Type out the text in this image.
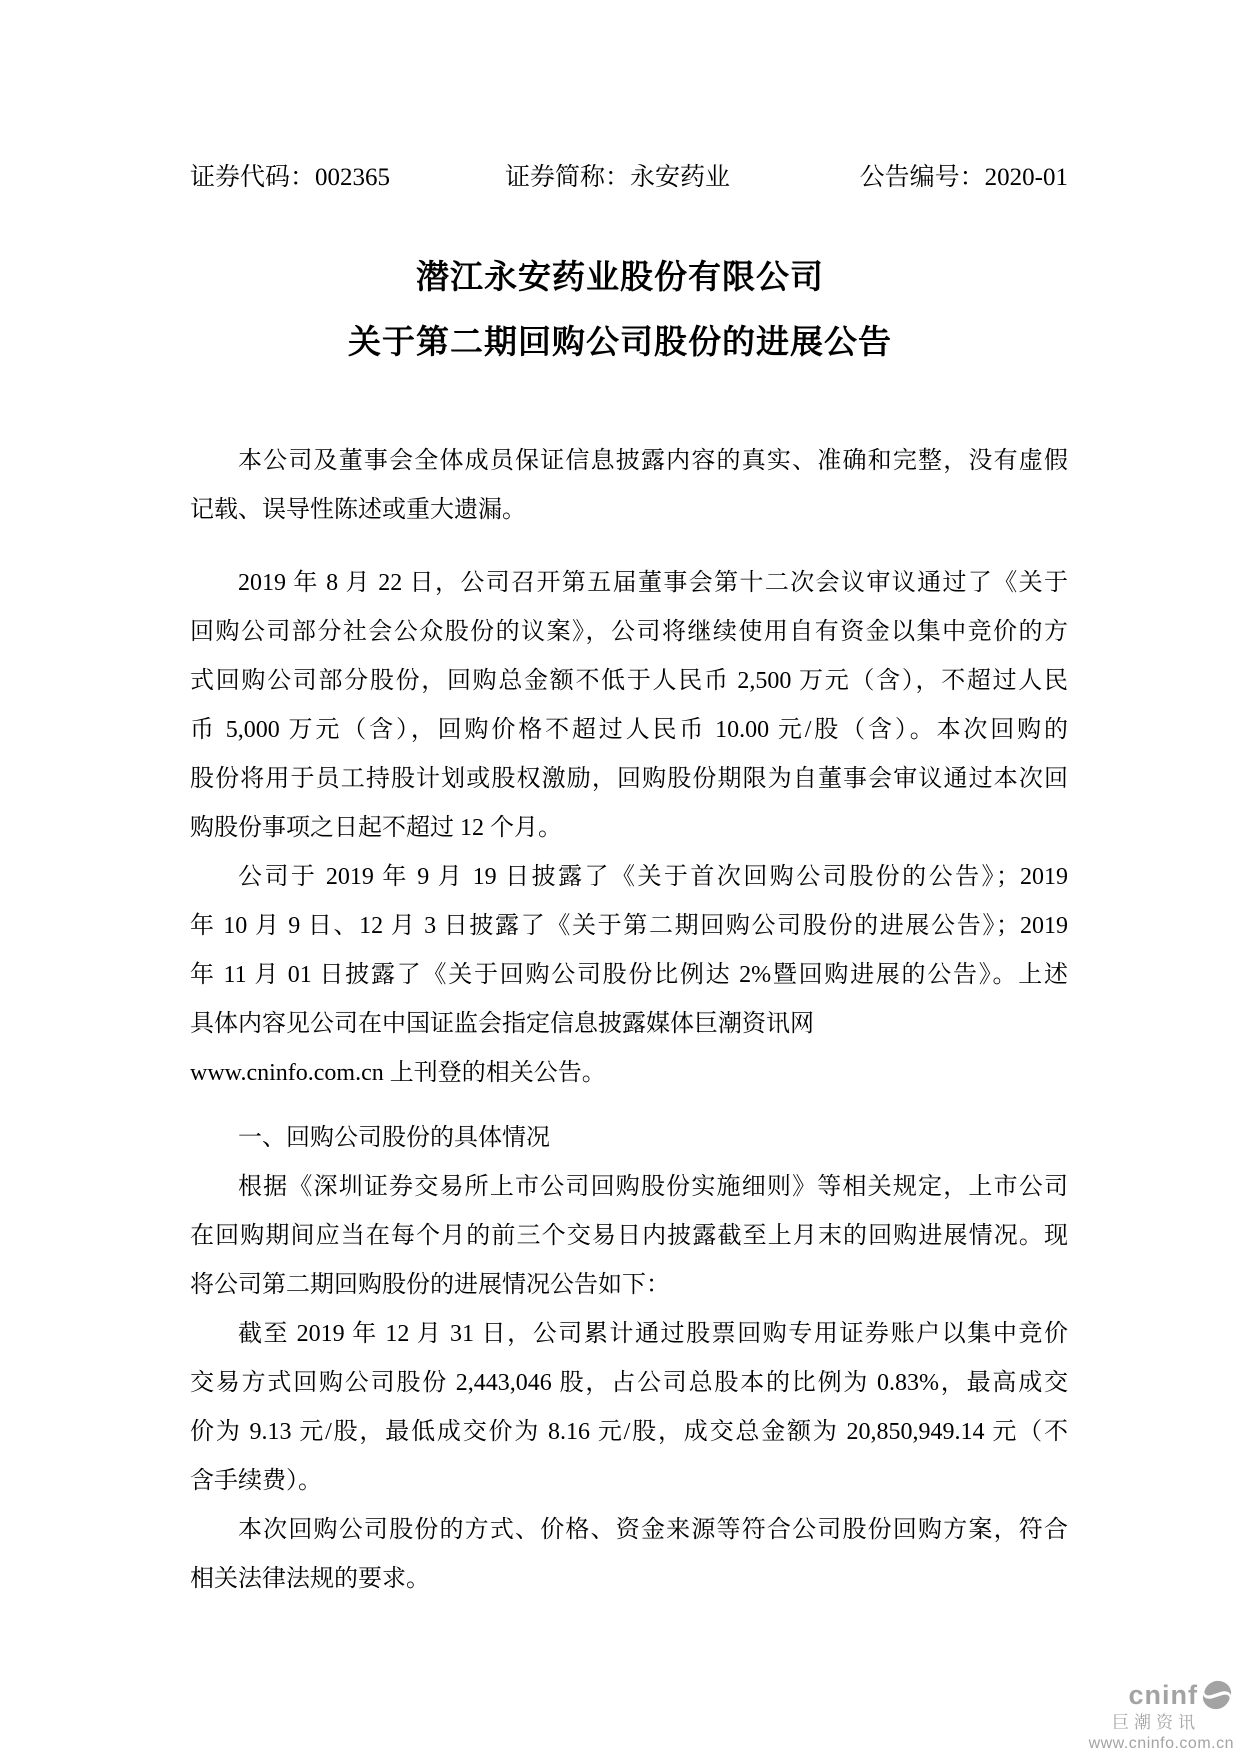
证券代码：002365	证券简称：永安药业	公告编号：2020-01
潜江永安药业股份有限公司
关于第二期回购公司股份的进展公告
本公司及董事会全体成员保证信息披露内容的真实、准确和完整，没有虚假
记载、误导性陈述或重大遗漏。
2019 年 8 月 22 日，公司召开第五届董事会第十二次会议审议通过了《关于
回购公司部分社会公众股份的议案》，公司将继续使用自有资金以集中竞价的方
式回购公司部分股份，回购总金额不低于人民币 2,500 万元（含），不超过人民
币 5,000 万元（含），回购价格不超过人民币 10.00 元/股（含）。本次回购的
股份将用于员工持股计划或股权激励，回购股份期限为自董事会审议通过本次回
购股份事项之日起不超过 12 个月。
公司于 2019 年 9 月 19 日披露了《关于首次回购公司股份的公告》；2019
年 10 月 9 日、12 月 3 日披露了《关于第二期回购公司股份的进展公告》；2019
年 11 月 01 日披露了《关于回购公司股份比例达 2%暨回购进展的公告》。上述
具体内容见公司在中国证监会指定信息披露媒体巨潮资讯网
www.cninfo.com.cn 上刊登的相关公告。
一、回购公司股份的具体情况
根据《深圳证券交易所上市公司回购股份实施细则》等相关规定，上市公司
在回购期间应当在每个月的前三个交易日内披露截至上月末的回购进展情况。现
将公司第二期回购股份的进展情况公告如下：
截至 2019 年 12 月 31 日，公司累计通过股票回购专用证券账户以集中竞价
交易方式回购公司股份 2,443,046 股，占公司总股本的比例为 0.83%，最高成交
价为 9.13 元/股，最低成交价为 8.16 元/股，成交总金额为 20,850,949.14 元（不
含手续费）。
本次回购公司股份的方式、价格、资金来源等符合公司股份回购方案，符合
相关法律法规的要求。
cninf
巨潮资讯
www.cninfo.com.cn
